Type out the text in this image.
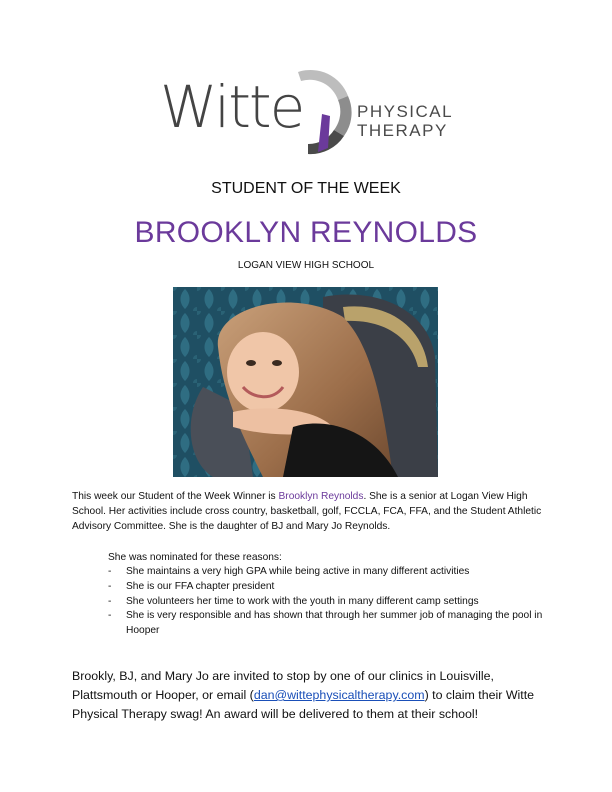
Witte	PHYSICAL
THERAPY
STUDENT OF THE WEEK
BROOKLYN REYNOLDS
LOGAN VIEW HIGH SCHOOL
This week our Student of the Week Winner is Brooklyn Reynolds. She is a senior at Logan View High School. Her activities include cross country, basketball, golf, FCCLA, FCA, FFA, and the Student Athletic Advisory Committee. She is the daughter of BJ and Mary Jo Reynolds.
She was nominated for these reasons:
- She maintains a very high GPA while being active in many different activities
- She is our FFA chapter president
- She volunteers her time to work with the youth in many different camp settings
- She is very responsible and has shown that through her summer job of managing the pool in Hooper
Brookly, BJ, and Mary Jo are invited to stop by one of our clinics in Louisville, Plattsmouth or Hooper, or email (dan@wittephysicaltherapy.com) to claim their Witte Physical Therapy swag! An award will be delivered to them at their school!
